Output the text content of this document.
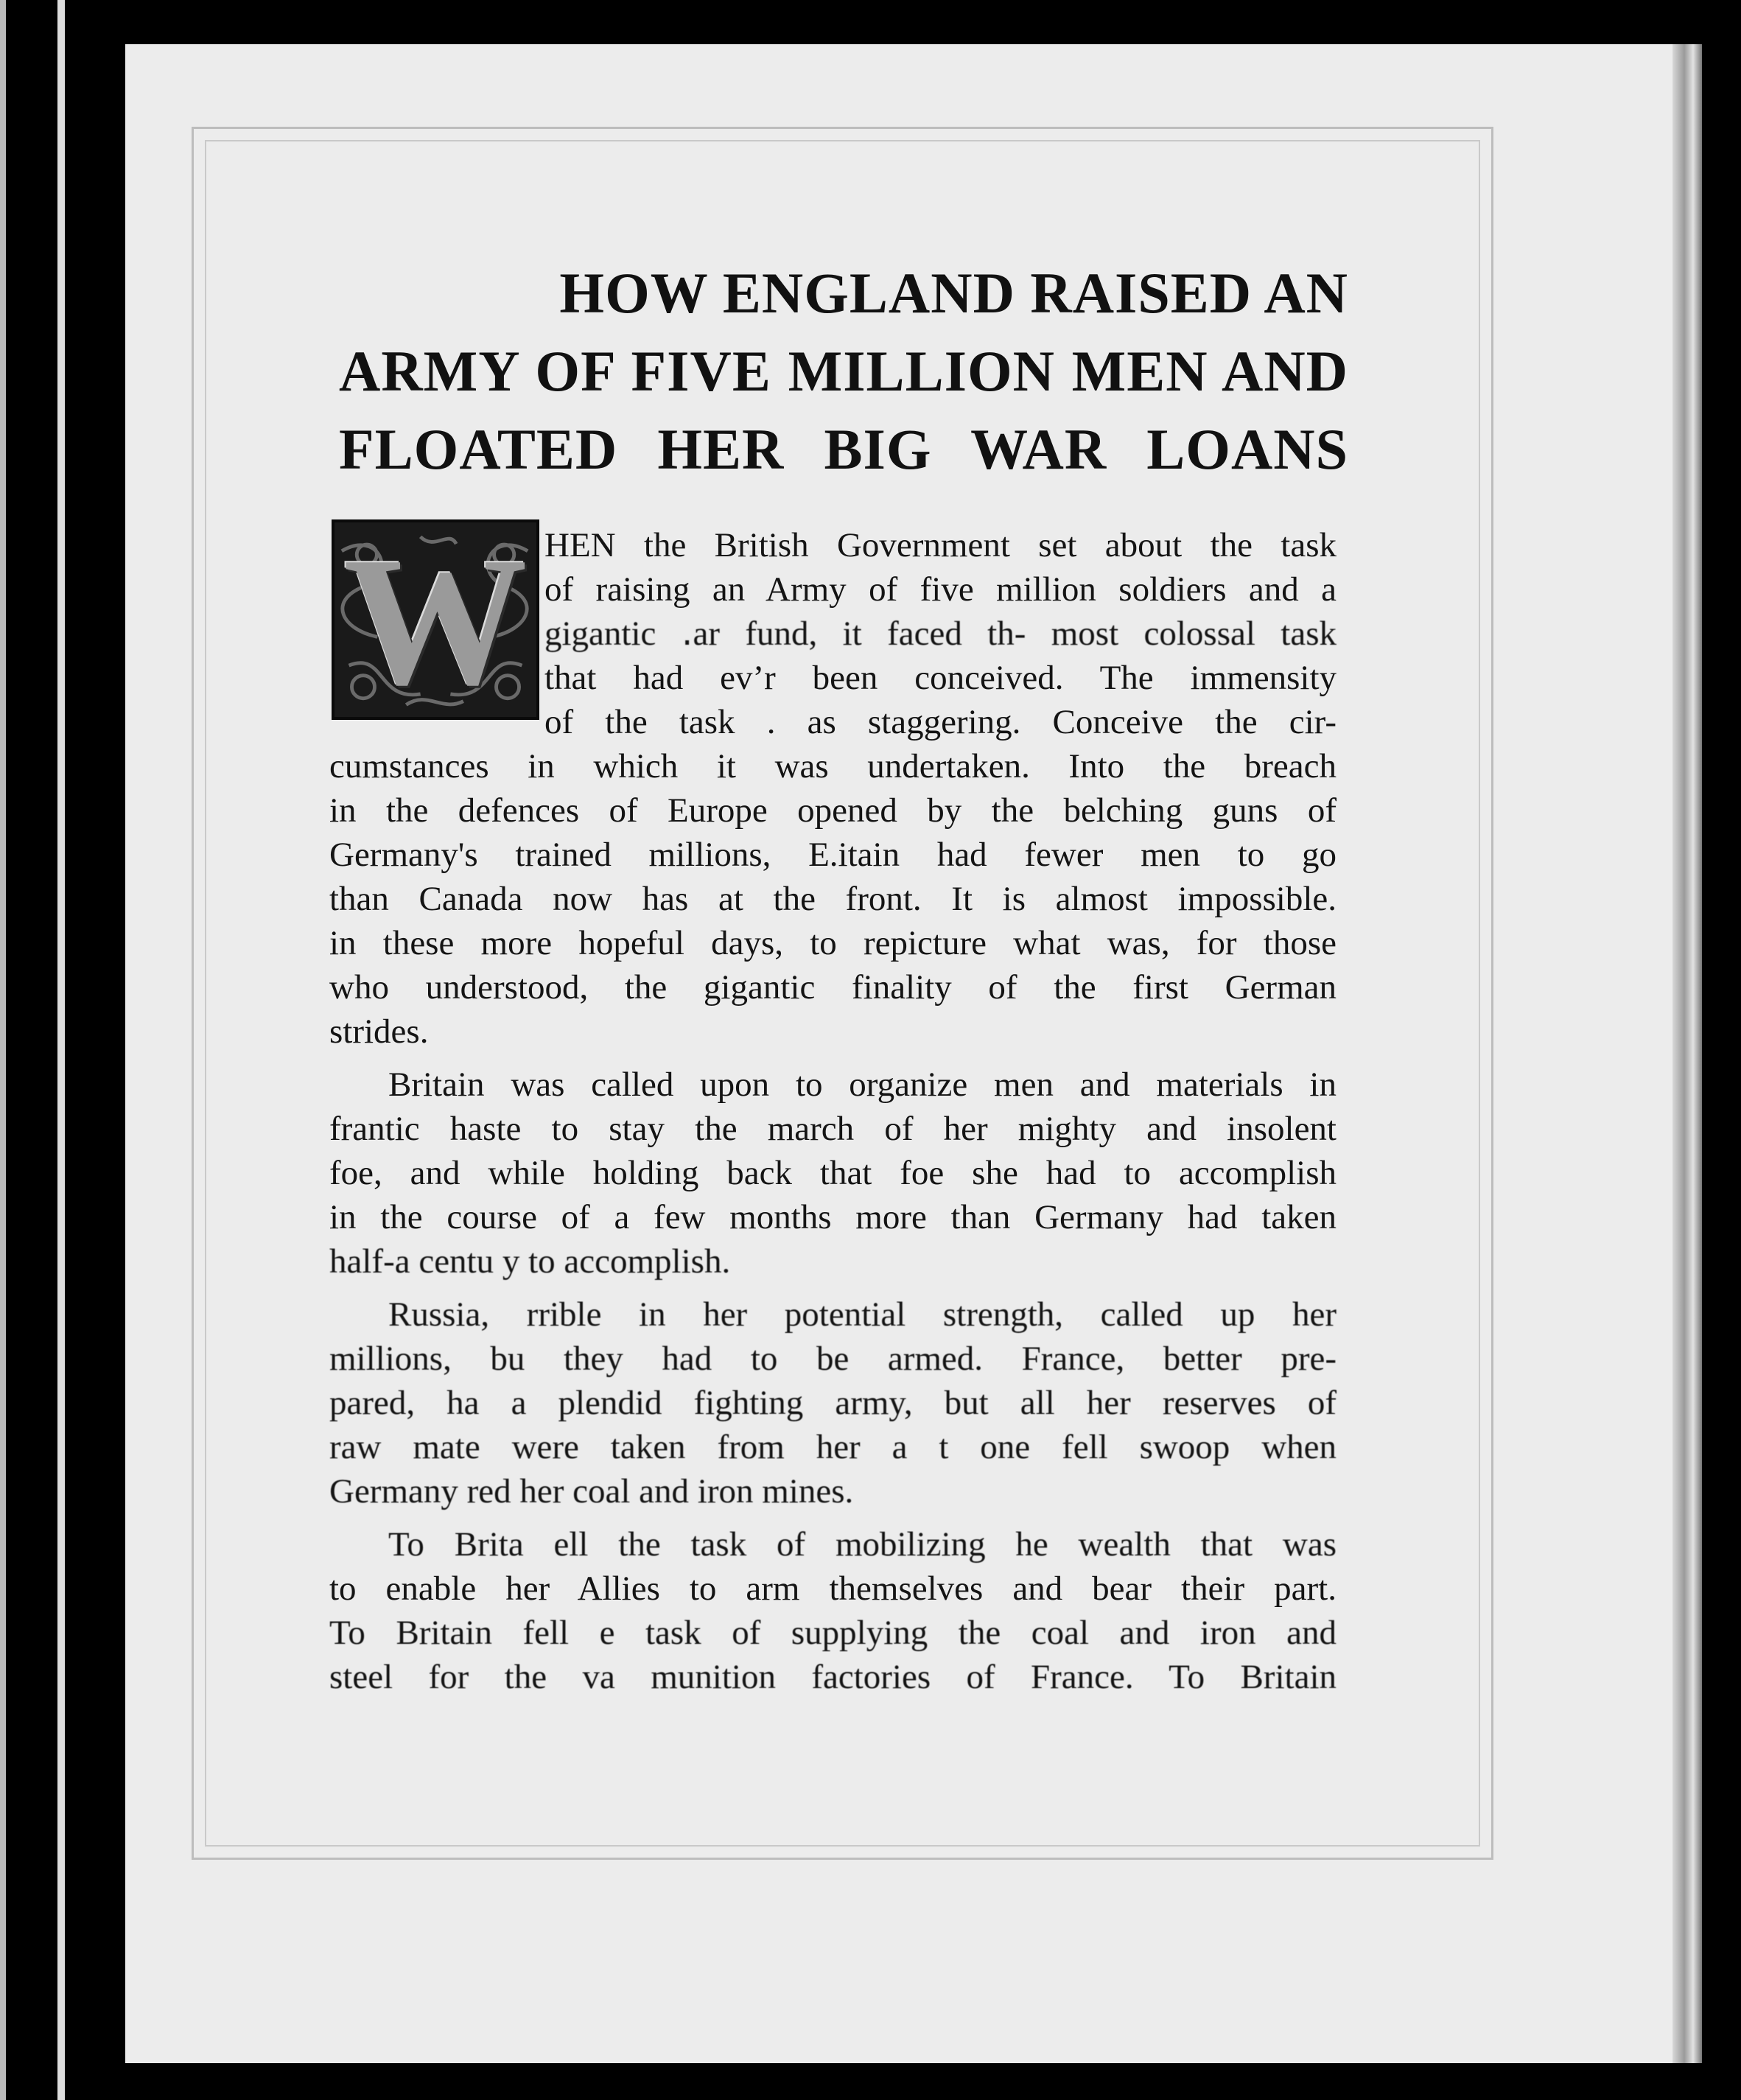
HOW ENGLAND RAISED AN
ARMY OF FIVE MILLION MEN AND
FLOATED HER BIG WAR LOANS
W HEN the British Government set about the task
of raising an Army of five million soldiers and a
gigantic ․ar fund, it faced th‐ most colossal task
that had ev’r been conceived. The immensity
of the task . as staggering. Conceive the cir-
cumstances in which it was undertaken. Into the breach
in the defences of Europe opened by the belching guns of
Germany's trained millions, E.itain had fewer men to go
than Canada now has at the front. It is almost impossible.
in these more hopeful days, to repicture what was, for those
who understood, the gigantic finality of the first German
strides.
Britain was called upon to organize men and materials in
frantic haste to stay the march of her mighty and insolent
foe, and while holding back that foe she had to accomplish
in the course of a few months more than Germany had taken
half-a centu y to accomplish.
Russia, rrible in her potential strength, called up her
millions, bu they had to be armed. France, better pre-
pared, ha a plendid fighting army, but all her reserves of
raw mate were taken from her a t one fell swoop when
Germany red her coal and iron mines.
To Brita ell the task of mobilizing he wealth that was
to enable her Allies to arm themselves and bear their part.
To Britain fell e task of supplying the coal and iron and
steel for the va munition factories of France. To Britain
